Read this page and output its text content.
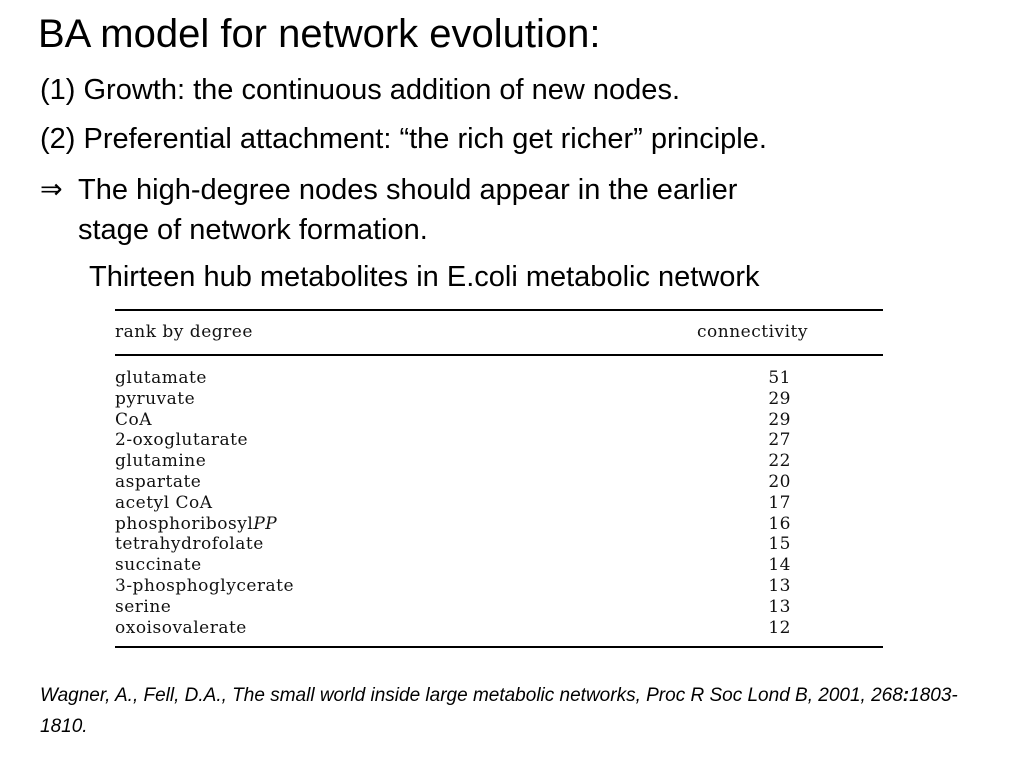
BA model for network evolution:
(1) Growth: the continuous addition of new nodes.
(2) Preferential attachment: “the rich get richer” principle.
⇒ The high-degree nodes should appear in the earlier
stage of network formation.
Thirteen hub metabolites in E.coli metabolic network
rank by degree	connectivity
glutamate	51
pyruvate	29
CoA	29
2-oxoglutarate	27
glutamine	22
aspartate	20
acetyl CoA	17
phosphoribosylPP	16
tetrahydrofolate	15
succinate	14
3-phosphoglycerate	13
serine	13
oxoisovalerate	12
Wagner, A., Fell, D.A., The small world inside large metabolic networks, Proc R Soc Lond B, 2001, 268:1803-1810.
